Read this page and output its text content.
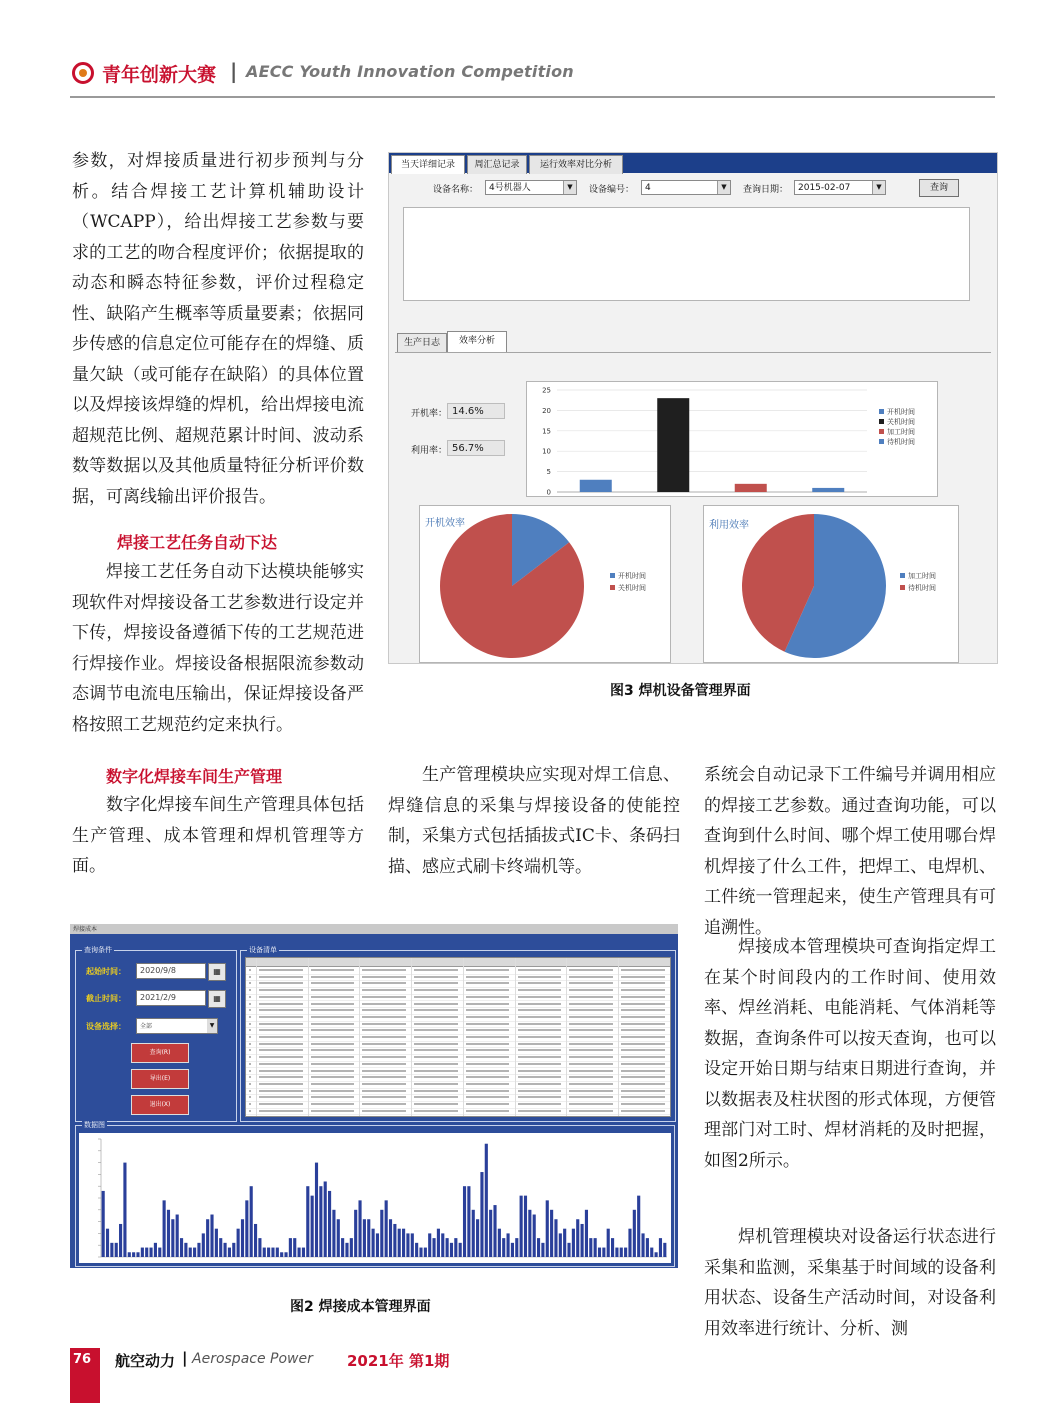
青年创新大赛 | AECC Youth Innovation Competition
参数，对焊接质量进行初步预判与分析。结合焊接工艺计算机辅助设计（WCAPP），给出焊接工艺参数与要求的工艺的吻合程度评价；依据提取的动态和瞬态特征参数，评价过程稳定性、缺陷产生概率等质量要素；依据同步传感的信息定位可能存在的焊缝、质量欠缺（或可能存在缺陷）的具体位置以及焊接该焊缝的焊机，给出焊接电流超规范比例、超规范累计时间、波动系数等数据以及其他质量特征分析评价数据，可离线输出评价报告。
焊接工艺任务自动下达
焊接工艺任务自动下达模块能够实现软件对焊接设备工艺参数进行设定并下传，焊接设备遵循下传的工艺规范进行焊接作业。焊接设备根据限流参数动态调节电流电压输出，保证焊接设备严格按照工艺规范约定来执行。
数字化焊接车间生产管理
数字化焊接车间生产管理具体包括生产管理、成本管理和焊机管理等方面。
生产管理模块应实现对焊工信息、焊缝信息的采集与焊接设备的使能控制，采集方式包括插拔式IC卡、条码扫描、感应式刷卡终端机等。
系统会自动记录下工件编号并调用相应的焊接工艺参数。通过查询功能，可以查询到什么时间、哪个焊工使用哪台焊机焊接了什么工件，把焊工、电焊机、工件统一管理起来，使生产管理具有可追溯性。
焊接成本管理模块可查询指定焊工在某个时间段内的工作时间、使用效率、焊丝消耗、电能消耗、气体消耗等数据，查询条件可以按天查询，也可以设定开始日期与结束日期进行查询，并以数据表及柱状图的形式体现，方便管理部门对工时、焊材消耗的及时把握，如图2所示。
焊机管理模块对设备运行状态进行采集和监测，采集基于时间域的设备利用状态、设备生产活动时间，对设备利用效率进行统计、分析、测
当天详细记录	周汇总记录	运行效率对比分析
设备名称：	4号机器人	▼	设备编号：	4	▼	查询日期：	2015-02-07	▼	查询
生产日志	效率分析
开机率： 14.6%
利用率： 56.7%
0
5
10
15
20
25
开机时间
关机时间
加工时间
待机时间
开机效率
开机时间
关机时间
利用效率
加工时间
待机时间
图3 焊机设备管理界面
焊接成本
查询条件
起始时间： 2020/9/8	▦
截止时间： 2021/2/9	▦
设备选择： 全部	▼
查询(R)
导出(E)
退出(X)
设备清单
数据图
图2 焊接成本管理界面
76 航空动力 | Aerospace Power 2021年 第1期
